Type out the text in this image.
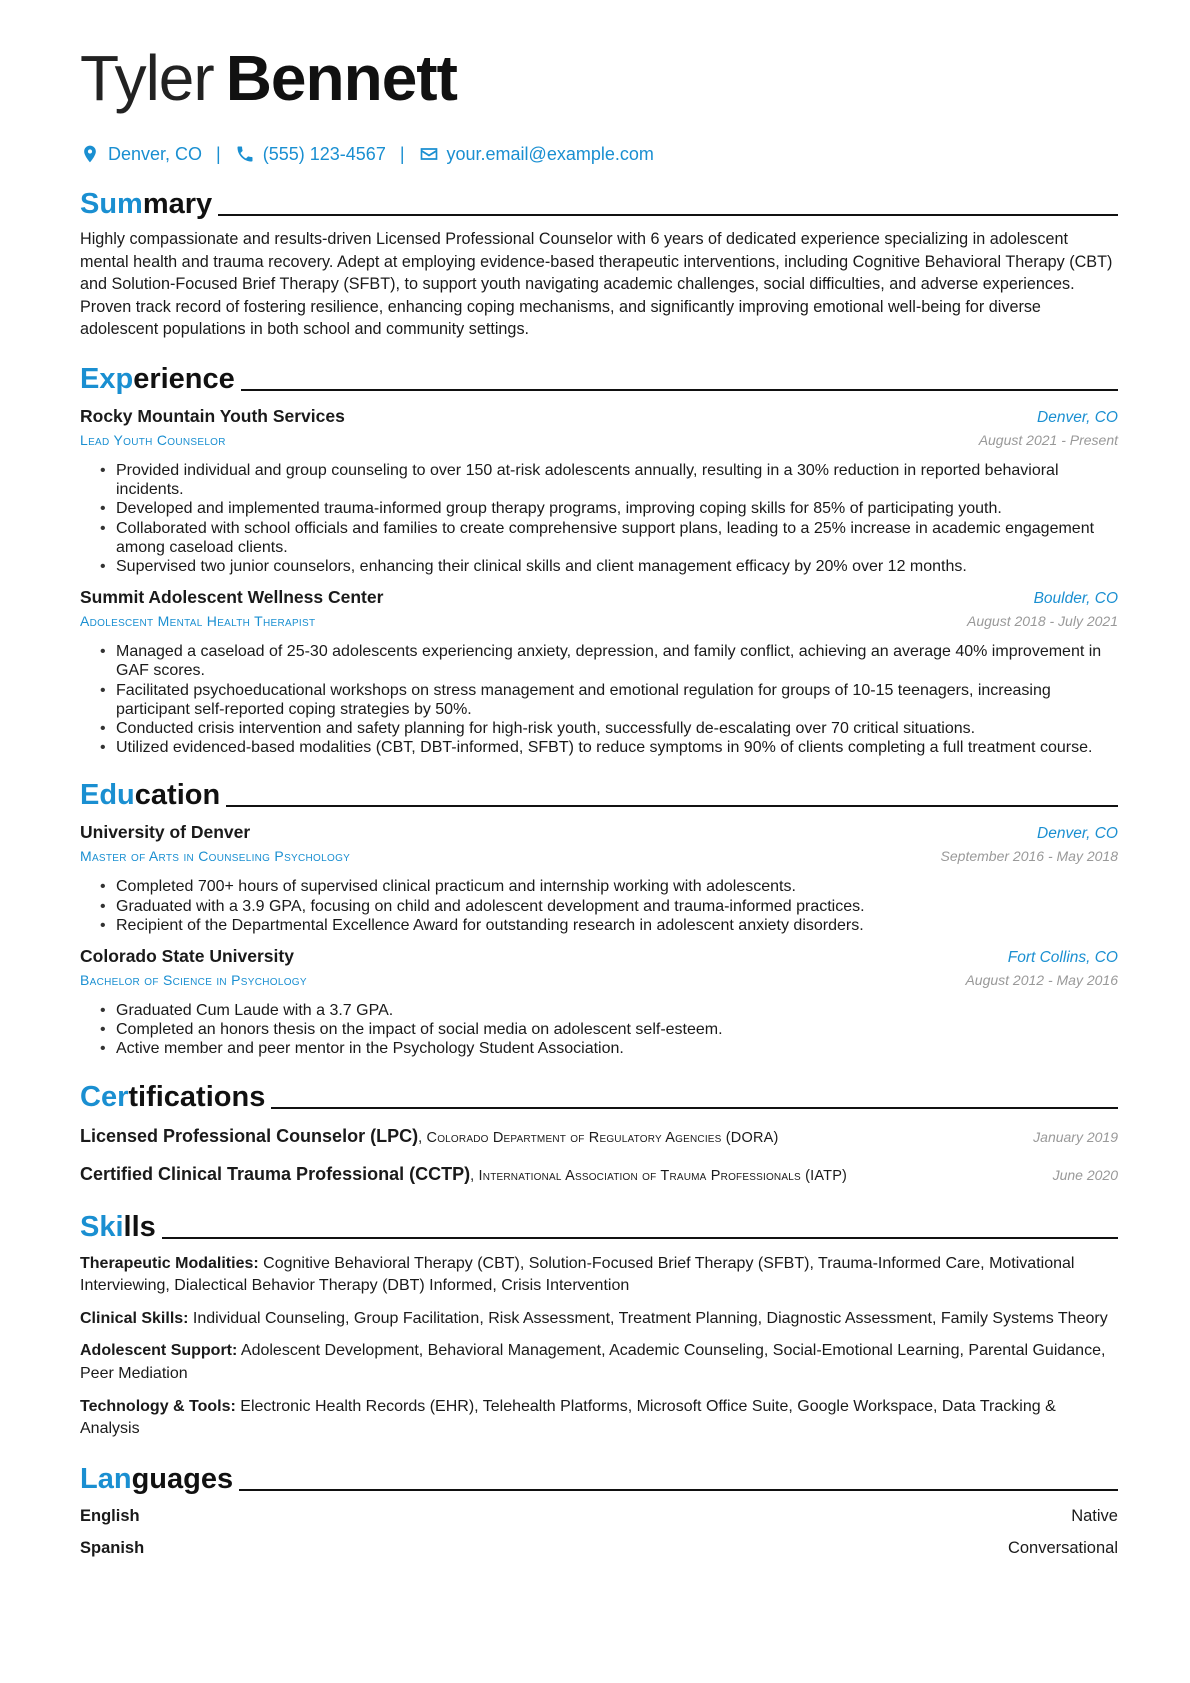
Tyler Bennett
Denver, CO | (555) 123-4567 | your.email@example.com
Summary
Highly compassionate and results-driven Licensed Professional Counselor with 6 years of dedicated experience specializing in adolescent mental health and trauma recovery. Adept at employing evidence-based therapeutic interventions, including Cognitive Behavioral Therapy (CBT) and Solution-Focused Brief Therapy (SFBT), to support youth navigating academic challenges, social difficulties, and adverse experiences. Proven track record of fostering resilience, enhancing coping mechanisms, and significantly improving emotional well-being for diverse adolescent populations in both school and community settings.
Experience
Rocky Mountain Youth Services	Denver, CO
Lead Youth Counselor	August 2021 - Present
• Provided individual and group counseling to over 150 at-risk adolescents annually, resulting in a 30% reduction in reported behavioral incidents.
• Developed and implemented trauma-informed group therapy programs, improving coping skills for 85% of participating youth.
• Collaborated with school officials and families to create comprehensive support plans, leading to a 25% increase in academic engagement among caseload clients.
• Supervised two junior counselors, enhancing their clinical skills and client management efficacy by 20% over 12 months.
Summit Adolescent Wellness Center	Boulder, CO
Adolescent Mental Health Therapist	August 2018 - July 2021
• Managed a caseload of 25-30 adolescents experiencing anxiety, depression, and family conflict, achieving an average 40% improvement in GAF scores.
• Facilitated psychoeducational workshops on stress management and emotional regulation for groups of 10-15 teenagers, increasing participant self-reported coping strategies by 50%.
• Conducted crisis intervention and safety planning for high-risk youth, successfully de-escalating over 70 critical situations.
• Utilized evidenced-based modalities (CBT, DBT-informed, SFBT) to reduce symptoms in 90% of clients completing a full treatment course.
Education
University of Denver	Denver, CO
Master of Arts in Counseling Psychology	September 2016 - May 2018
• Completed 700+ hours of supervised clinical practicum and internship working with adolescents.
• Graduated with a 3.9 GPA, focusing on child and adolescent development and trauma-informed practices.
• Recipient of the Departmental Excellence Award for outstanding research in adolescent anxiety disorders.
Colorado State University	Fort Collins, CO
Bachelor of Science in Psychology	August 2012 - May 2016
• Graduated Cum Laude with a 3.7 GPA.
• Completed an honors thesis on the impact of social media on adolescent self-esteem.
• Active member and peer mentor in the Psychology Student Association.
Certifications
Licensed Professional Counselor (LPC), Colorado Department of Regulatory Agencies (DORA)	January 2019
Certified Clinical Trauma Professional (CCTP), International Association of Trauma Professionals (IATP)	June 2020
Skills
Therapeutic Modalities: Cognitive Behavioral Therapy (CBT), Solution-Focused Brief Therapy (SFBT), Trauma-Informed Care, Motivational Interviewing, Dialectical Behavior Therapy (DBT) Informed, Crisis Intervention
Clinical Skills: Individual Counseling, Group Facilitation, Risk Assessment, Treatment Planning, Diagnostic Assessment, Family Systems Theory
Adolescent Support: Adolescent Development, Behavioral Management, Academic Counseling, Social-Emotional Learning, Parental Guidance, Peer Mediation
Technology & Tools: Electronic Health Records (EHR), Telehealth Platforms, Microsoft Office Suite, Google Workspace, Data Tracking & Analysis
Languages
English	Native
Spanish	Conversational
